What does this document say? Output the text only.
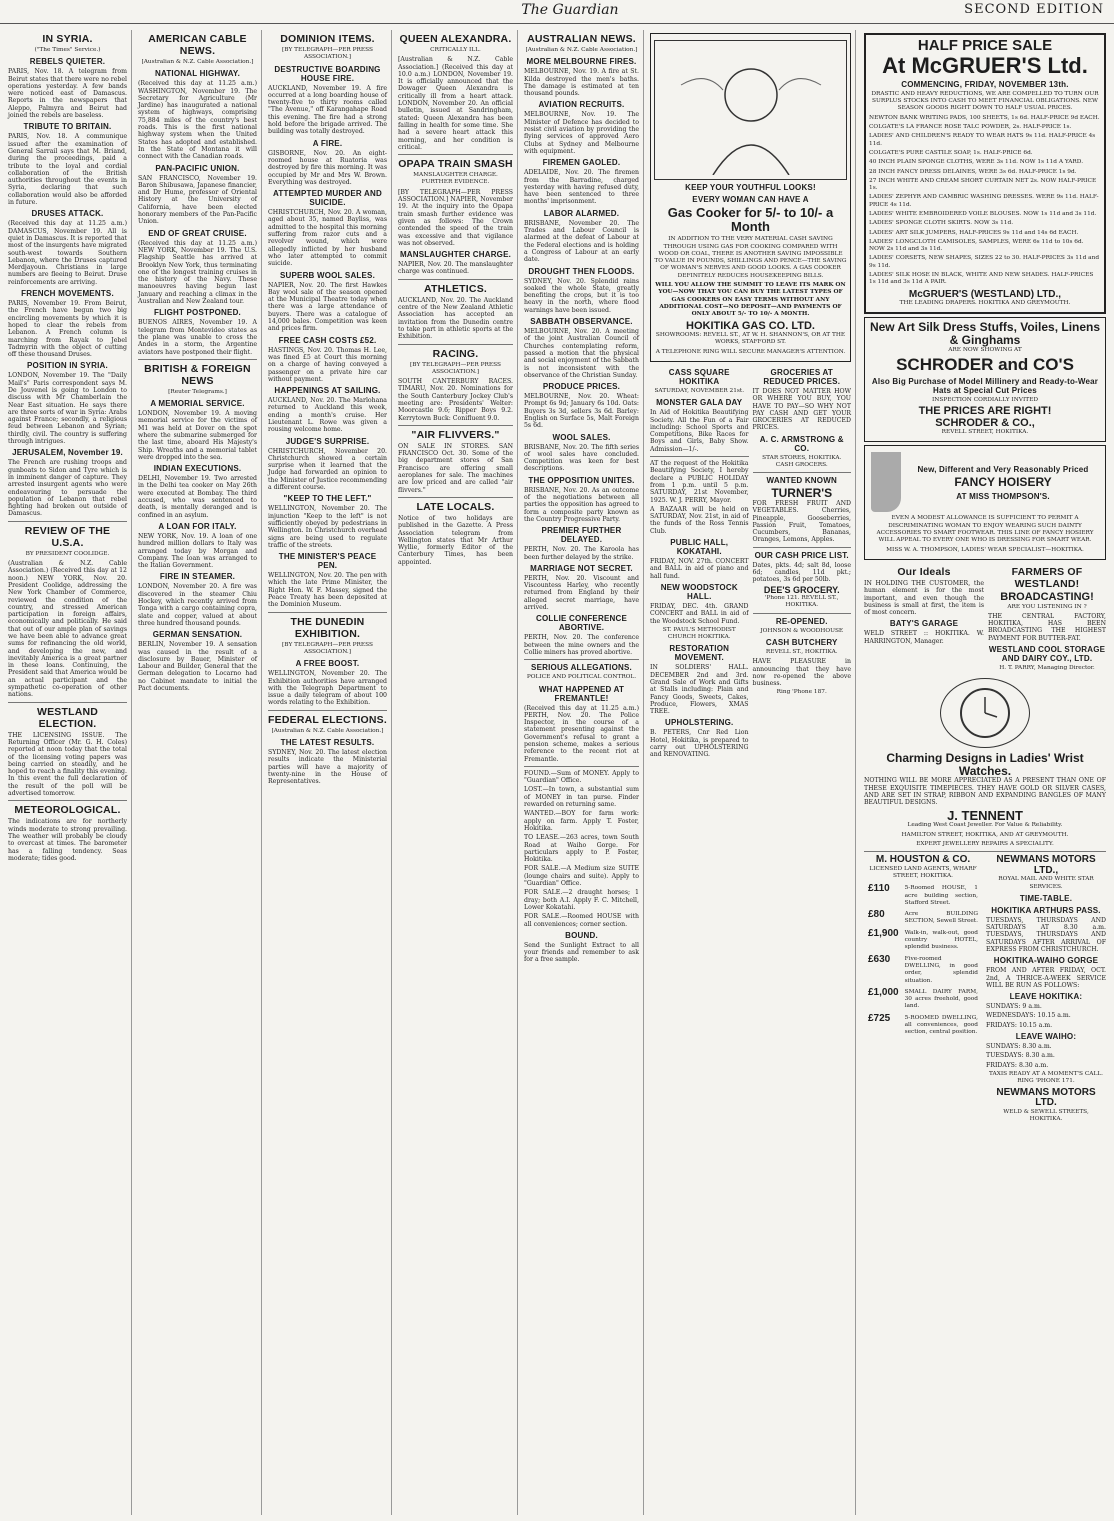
The Guardian	SECOND EDITION
IN SYRIA.
("The Times" Service.)
REBELS QUIETER.

PARIS, Nov. 18. A telegram from Beirut states that there were no rebel operations yesterday. A few bands were noticed east of Damascus. Reports in the newspapers that Aleppo, Palmyra and Beirut had joined the rebels are baseless.

TRIBUTE TO BRITAIN.

PARIS, Nov. 18. A communique issued after the examination of General Sarrail says that M. Briand, during the proceedings, paid a tribute to the loyal and cordial collaboration of the British authorities throughout the events in Syria, declaring that such collaboration would also be afforded in future.

DRUSES ATTACK.

(Received this day at 11.25 a.m.) DAMASCUS, November 19. All is quiet in Damascus. It is reported that most of the insurgents have migrated south-west towards Southern Lebanon, where the Druses captured Merdjayoun. Christians in large numbers are fleeing to Beirut. Druse reinforcements are arriving.

FRENCH MOVEMENTS.

PARIS, November 19. From Beirut, the French have begun two big encircling movements by which it is hoped to clear the rebels from Lebanon. A French column is marching from Rayak to Jebel Tadmyrin with the object of cutting off these thousand Druses.

POSITION IN SYRIA.

LONDON, November 19. The "Daily Mail's" Paris correspondent says M. De Jouvenel is going to London to discuss with Mr Chamberlain the Near East situation. He says there are three sorts of war in Syria: Arabs against France; secondly, a religious feud between Lebanon and Syrian; thirdly, civil. The country is suffering through intrigues.

JERUSALEM, November 19.

The French are rushing troops and gunboats to Sidon and Tyre which is in imminent danger of capture. They arrested insurgent agents who were endeavouring to persuade the population of Lebanon that rebel fighting had broken out outside of Damascus.

REVIEW OF THE U.S.A.
BY PRESIDENT COOLIDGE.

(Australian & N.Z. Cable Association.) (Received this day at 12 noon.) NEW YORK, Nov. 20. President Coolidge, addressing the New York Chamber of Commerce, reviewed the condition of the country, and stressed American participation in foreign affairs, economically and politically. He said that out of our ample plan of savings we have been able to advance great sums for refinancing the old world, and developing the new, and inevitably America is a great partner in these loans. Continuing, the President said that America would be an actual participant and the sympathetic co-operation of other nations.

WESTLAND ELECTION.

THE LICENSING ISSUE. The Returning Officer (Mr. G. H. Coles) reported at noon today that the total of the licensing voting papers was being carried on steadily, and he hoped to reach a finality this evening. In this event the full declaration of the result of the poll will be advertised tomorrow.

METEOROLOGICAL.

The indications are for northerly winds moderate to strong prevailing. The weather will probably be cloudy to overcast at times. The barometer has a falling tendency. Seas moderate; tides good.

AMERICAN CABLE NEWS.
[Australian & N.Z. Cable Association.]
NATIONAL HIGHWAY.

(Received this day at 11.25 a.m.) WASHINGTON, November 19. The Secretary for Agriculture (Mr Jardine) has inaugurated a national system of highways, comprising 75,884 miles of the country's best roads. This is the first national highway system when the United States has adopted and established. In the State of Montana it will connect with the Canadian roads.

PAN-PACIFIC UNION.

SAN FRANCISCO, November 19. Baron Shibusawa, Japanese financier, and Dr Hume, professor of Oriental History at the University of California, have been elected honorary members of the Pan-Pacific Union.

END OF GREAT CRUISE.

(Received this day at 11.25 a.m.) NEW YORK, November 19. The U.S. Flagship Seattle has arrived at Brooklyn New York, thus terminating one of the longest training cruises in the history of the Navy. These manoeuvres having begun last January and reaching a climax in the Australian and New Zealand tour.

FLIGHT POSTPONED.

BUENOS AIRES, November 19. A telegram from Montevideo states as the plane was unable to cross the Andes in a storm, the Argentine aviators have postponed their flight.

BRITISH & FOREIGN NEWS
[Reuter Telegrams.]
A MEMORIAL SERVICE.

LONDON, November 19. A moving memorial service for the victims of M1 was held at Dover on the spot where the submarine submerged for the last time, aboard His Majesty's Ship. Wreaths and a memorial tablet were dropped into the sea.

INDIAN EXECUTIONS.

DELHI, November 19. Two arrested in the Delhi tea cooker on May 26th were executed at Bombay. The third accused, who was sentenced to death, is mentally deranged and is confined in an asylum.

A LOAN FOR ITALY.

NEW YORK, Nov. 19. A loan of one hundred million dollars to Italy was arranged today by Morgan and Company. The loan was arranged to the Italian Government.

FIRE IN STEAMER.

LONDON, November 20. A fire was discovered in the steamer Chiu Hockey, which recently arrived from Tonga with a cargo containing copra, slate and copper, valued at about three hundred thousand pounds.

GERMAN SENSATION.

BERLIN, November 19. A sensation was caused in the result of a disclosure by Bauer, Minister of Labour and Builder, General that the German delegation to Locarno had no Cabinet mandate to initial the Pact documents.

DOMINION ITEMS.
[BY TELEGRAPH—PER PRESS ASSOCIATION.]
DESTRUCTIVE BOARDING HOUSE FIRE.

AUCKLAND, November 19. A fire occurred at a long boarding house of twenty-five to thirty rooms called "The Avenue," off Karangahape Road this evening. The fire had a strong hold before the brigade arrived. The building was totally destroyed.

A FIRE.

GISBORNE, Nov. 20. An eight-roomed house at Ruatoria was destroyed by fire this morning. It was occupied by Mr and Mrs W. Brown. Everything was destroyed.

ATTEMPTED MURDER AND SUICIDE.

CHRISTCHURCH, Nov. 20. A woman, aged about 35, named Bayliss, was admitted to the hospital this morning suffering from razor cuts and a revolver wound, which were allegedly inflicted by her husband who later attempted to commit suicide.

SUPERB WOOL SALES.

NAPIER, Nov. 20. The first Hawkes Bay wool sale of the season opened at the Municipal Theatre today when there was a large attendance of buyers. There was a catalogue of 14,000 bales. Competition was keen and prices firm.

FREE CASH COSTS £52.

HASTINGS, Nov. 20. Thomas H. Lee, was fined £5 at Court this morning on a charge of having conveyed a passenger on a private hire car without payment.

HAPPENINGS AT SAILING.

AUCKLAND, Nov. 20. The Marlohana returned to Auckland this week, ending a month's cruise. Her Lieutenant L. Rowe was given a rousing welcome home.

JUDGE'S SURPRISE.

CHRISTCHURCH, November 20. Christchurch showed a certain surprise when it learned that the Judge had forwarded an opinion to the Minister of Justice recommending a different course.

"KEEP TO THE LEFT."

WELLINGTON, November 20. The injunction "Keep to the left" is not sufficiently obeyed by pedestrians in Wellington. In Christchurch overhead signs are being used to regulate traffic of the streets.

THE MINISTER'S PEACE PEN.

WELLINGTON, Nov. 20. The pen with which the late Prime Minister, the Right Hon. W. F. Massey, signed the Peace Treaty has been deposited at the Dominion Museum.

THE DUNEDIN EXHIBITION.
[BY TELEGRAPH—PER PRESS ASSOCIATION.]
A FREE BOOST.

WELLINGTON, November 20. The Exhibition authorities have arranged with the Telegraph Department to issue a daily telegram of about 100 words relating to the Exhibition.

FEDERAL ELECTIONS.
[Australian & N.Z. Cable Association.]
THE LATEST RESULTS.

SYDNEY, Nov. 20. The latest election results indicate the Ministerial parties will have a majority of twenty-nine in the House of Representatives.

QUEEN ALEXANDRA.
CRITICALLY ILL.

[Australian & N.Z. Cable Association.] (Received this day at 10.0 a.m.) LONDON, November 19. It is officially announced that the Dowager Queen Alexandra is critically ill from a heart attack. LONDON, November 20. An official bulletin, issued at Sandringham, stated: Queen Alexandra has been failing in health for some time. She had a severe heart attack this morning, and her condition is critical.

OPAPA TRAIN SMASH
MANSLAUGHTER CHARGE. FURTHER EVIDENCE.

[BY TELEGRAPH—PER PRESS ASSOCIATION.] NAPIER, November 19. At the inquiry into the Opapa train smash further evidence was given as follows: The Crown contended the speed of the train was excessive and that vigilance was not observed.

MANSLAUGHTER CHARGE.

NAPIER, Nov. 20. The manslaughter charge was continued.

ATHLETICS.

AUCKLAND, Nov. 20. The Auckland centre of the New Zealand Athletic Association has accepted an invitation from the Dunedin centre to take part in athletic sports at the Exhibition.

RACING.
[BY TELEGRAPH—PER PRESS ASSOCIATION.]

SOUTH CANTERBURY RACES. TIMARU, Nov. 20. Nominations for the South Canterbury Jockey Club's meeting are: Presidents' Welter: Moorcastle 9.6; Ripper Boys 9.2. Kerrytown Buck: Conifluent 9.0.

"AIR FLIVVERS."

ON SALE IN STORES. SAN FRANCISCO Oct. 30. Some of the big department stores of San Francisco are offering small aeroplanes for sale. The machines are low priced and are called "air flivvers."

LATE LOCALS.

Notice of two holidays are published in the Gazette. A Press Association telegram from Wellington states that Mr Arthur Wyllie, formerly Editor of the Canterbury Times, has been appointed.

AUSTRALIAN NEWS.
[Australian & N.Z. Cable Association.]
MORE MELBOURNE FIRES.

MELBOURNE, Nov. 19. A fire at St. Kilda destroyed the men's baths. The damage is estimated at ten thousand pounds.

AVIATION RECRUITS.

MELBOURNE, Nov. 19. The Minister of Defence has decided to resist civil aviation by providing the flying services of approved Aero Clubs at Sydney and Melbourne with equipment.

FIREMEN GAOLED.

ADELAIDE, Nov. 20. The firemen from the Barradine, charged yesterday with having refused duty, have been sentenced to three months' imprisonment.

LABOR ALARMED.

BRISBANE, November 20. The Trades and Labour Council is alarmed at the defeat of Labour at the Federal elections and is holding a Congress of Labour at an early date.

DROUGHT THEN FLOODS.

SYDNEY, Nov. 20. Splendid rains soaked the whole State, greatly benefiting the crops, but it is too heavy in the north, where flood warnings have been issued.

SABBATH OBSERVANCE.

MELBOURNE, Nov. 20. A meeting of the joint Australian Council of Churches contemplating reform, passed a motion that the physical and social enjoyment of the Sabbath is not inconsistent with the observance of the Christian Sunday.

PRODUCE PRICES.

MELBOURNE, Nov. 20. Wheat: Prompt 6s 9d; January 6s 10d. Oats: Buyers 3s 3d, sellers 3s 6d. Barley: English on Surface 5s, Malt Foreign 5s 6d.

WOOL SALES.

BRISBANE, Nov. 20. The fifth series of wool sales have concluded. Competition was keen for best descriptions.

THE OPPOSITION UNITES.

BRISBANE, Nov. 20. As an outcome of the negotiations between all parties the opposition has agreed to form a composite party known as the Country Progressive Party.

PREMIER FURTHER DELAYED.

PERTH, Nov. 20. The Karoola has been further delayed by the strike.

MARRIAGE NOT SECRET.

PERTH, Nov. 20. Viscount and Viscountess Harley, who recently returned from England by their alleged secret marriage, have arrived.

COLLIE CONFERENCE ABORTIVE.

PERTH, Nov. 20. The conference between the mine owners and the Collie miners has proved abortive.

SERIOUS ALLEGATIONS.
POLICE AND POLITICAL CONTROL.
WHAT HAPPENED AT FREMANTLE!

(Received this day at 11.25 a.m.) PERTH, Nov. 20. The Police Inspector, in the course of a statement presenting against the Government's refusal to grant a pension scheme, makes a serious reference to the recent riot at Fremantle.

FOUND.—Sum of MONEY. Apply to "Guardian" Office.

LOST.—In town, a substantial sum of MONEY in tan purse. Finder rewarded on returning same.

WANTED.—BOY for farm work: apply on farm. Apply T. Foster, Hokitika.

TO LEASE.—263 acres, town South Road at Waiho Gorge. For particulars apply to P. Foster, Hokitika.

FOR SALE.—A Medium size SUITE (lounge chairs and suite). Apply to "Guardian" Office.

FOR SALE.—2 draught horses; 1 dray; both A.I. Apply F. C. Mitchell, Lower Kokatahi.

FOR SALE.—Roomed HOUSE with all conveniences; corner section.

BOUND.

Send the Sunlight Extract to all your friends and remember to ask for a free sample.

KEEP YOUR YOUTHFUL LOOKS!
EVERY WOMAN CAN HAVE A
Gas Cooker for 5/- to 10/- a Month

IN ADDITION TO THE VERY MATERIAL CASH SAVING THROUGH USING GAS FOR COOKING COMPARED WITH WOOD OR COAL, THERE IS ANOTHER SAVING IMPOSSIBLE TO VALUE IN POUNDS, SHILLINGS AND PENCE—THE SAVING OF WOMAN'S NERVES AND GOOD LOOKS. A GAS COOKER DEFINITELY REDUCES HOUSEKEEPING BILLS.

WILL YOU ALLOW THE SUMMIT TO LEAVE ITS MARK ON YOU—NOW THAT YOU CAN BUY THE LATEST TYPES OF GAS COOKERS ON EASY TERMS WITHOUT ANY ADDITIONAL COST—NO DEPOSIT—AND PAYMENTS OF ONLY ABOUT 5/- TO 10/- A MONTH.

HOKITIKA GAS CO. LTD.

SHOWROOMS: REVELL ST., AT W. H. SHANNON'S, OR AT THE WORKS, STAFFORD ST.

A TELEPHONE RING WILL SECURE MANAGER'S ATTENTION.

CASS SQUARE HOKITIKA
SATURDAY, NOVEMBER 21st.
MONSTER GALA DAY

In Aid of Hokitika Beautifying Society. All the Fun of a Fair including: School Sports and Competitions, Bike Races for Boys and Girls, Baby Show. Admission—1/-.

AT the request of the Hokitika Beautifying Society, I hereby declare a PUBLIC HOLIDAY from 1 p.m. until 5 p.m. SATURDAY, 21st November, 1925. W. J. PERRY, Mayor.

A BAZAAR will be held on SATURDAY, Nov. 21st, in aid of the funds of the Ross Tennis Club.

PUBLIC HALL, KOKATAHI.

FRIDAY, NOV. 27th. CONCERT and BALL in aid of piano and hall fund.

NEW WOODSTOCK HALL.

FRIDAY, DEC. 4th. GRAND CONCERT and BALL in aid of the Woodstock School Fund.

ST. PAUL'S METHODIST CHURCH HOKITIKA.
RESTORATION MOVEMENT.

IN SOLDIERS' HALL. DECEMBER 2nd and 3rd. Grand Sale of Work and Gifts at Stalls including: Plain and Fancy Goods, Sweets, Cakes, Produce, Flowers, XMAS TREE.

UPHOLSTERING.

B. PETERS, Cnr Red Lion Hotel, Hokitika, is prepared to carry out UPHOLSTERING and RENOVATING.

GROCERIES AT REDUCED PRICES.

IT DOES NOT MATTER HOW OR WHERE YOU BUY, YOU HAVE TO PAY—SO WHY NOT PAY CASH AND GET YOUR GROCERIES AT REDUCED PRICES.

A. C. ARMSTRONG & CO.
STAR STORES, HOKITIKA. CASH GROCERS.
WANTED KNOWN
TURNER'S

FOR FRESH FRUIT AND VEGETABLES. Cherries, Pineapple, Gooseberries, Passion Fruit, Tomatoes, Cucumbers, Bananas, Oranges, Lemons, Apples.

OUR CASH PRICE LIST.

Dates, pkts. 4d; salt 8d, loose 6d; candles, 11d pkt.; potatoes, 3s 6d per 50lb.

DEE'S GROCERY.
'Phone 121. REVELL ST., HOKITIKA.
RE-OPENED.
JOHNSON & WOODHOUSE
CASH BUTCHERY
REVELL ST., HOKITIKA.

HAVE PLEASURE in announcing that they have now re-opened the above business.

Ring 'Phone 187.
HALF PRICE SALE
At McGRUER'S Ltd.
COMMENCING, FRIDAY, NOVEMBER 13th.

DRASTIC AND HEAVY REDUCTIONS, WE ARE COMPELLED TO TURN OUR SURPLUS STOCKS INTO CASH TO MEET FINANCIAL OBLIGATIONS. NEW SEASON GOODS RIGHT DOWN TO HALF USUAL PRICES.

NEWTON BANK WRITING PADS, 100 SHEETS, 1s 6d. HALF-PRICE 9d EACH.

COLGATE'S LA FRANCE ROSE TALC POWDER, 2s. HALF-PRICE 1s.

LADIES' AND CHILDREN'S READY TO WEAR HATS 9s 11d. HALF-PRICE 4s 11d.

COLGATE'S PURE CASTILE SOAP, 1s. HALF-PRICE 6d.

40 INCH PLAIN SPONGE CLOTHS, WERE 3s 11d. NOW 1s 11d A YARD.

28 INCH FANCY DRESS DELAINES, WERE 3s 6d. HALF-PRICE 1s 9d.

27 INCH WHITE AND CREAM SHORT CURTAIN NET 2s. NOW HALF-PRICE 1s.

LADIES' ZEPHYR AND CAMBRIC WASHING DRESSES. WERE 9s 11d. HALF-PRICE 4s 11d.

LADIES' WHITE EMBROIDERED VOILE BLOUSES. NOW 1s 11d and 3s 11d.

LADIES' SPONGE CLOTH SKIRTS. NOW 3s 11d.

LADIES' ART SILK JUMPERS, HALF-PRICES 9s 11d and 14s 6d EACH.

LADIES' LONGCLOTH CAMISOLES, SAMPLES, WERE 6s 11d to 10s 6d. NOW 2s 11d and 3s 11d.

LADIES' CORSETS, NEW SHAPES, SIZES 22 to 30. HALF-PRICES 3s 11d and 9s 11d.

LADIES' SILK HOSE IN BLACK, WHITE AND NEW SHADES. HALF-PRICES 1s 11d and 3s 11d A PAIR.

McGRUER'S (WESTLAND) LTD.,
THE LEADING DRAPERS. HOKITIKA AND GREYMOUTH.
New Art Silk Dress Stuffs, Voiles, Linens & Ginghams
ARE NOW SHOWING AT
SCHRODER and CO'S
Also Big Purchase of Model Millinery and Ready-to-Wear Hats at Special Cut Prices
INSPECTION CORDIALLY INVITED
THE PRICES ARE RIGHT!
SCHRODER & CO.,
REVELL STREET, HOKITIKA.
New, Different and Very Reasonably Priced
FANCY HOISERY
AT MISS THOMPSON'S.

EVEN A MODEST ALLOWANCE IS SUFFICIENT TO PERMIT A DISCRIMINATING WOMAN TO ENJOY WEARING SUCH DAINTY ACCESSORIES TO SMART FOOTWEAR. THIS LINE OF FANCY HOSIERY WILL APPEAL TO EVERY ONE WHO IS DRESSING FOR SMART WEAR.

MISS W. A. THOMPSON, LADIES' WEAR SPECIALIST—HOKITIKA.
Our Ideals

IN HOLDING THE CUSTOMER, the human element is for the most important, and even though the business is small at first, the item is of most concern.

BATY'S GARAGE

WELD STREET :: HOKITIKA. W. HARRINGTON, Manager.

FARMERS OF WESTLAND!
BROADCASTING!
ARE YOU LISTENING IN ?

THE CENTRAL FACTORY, HOKITIKA, HAS BEEN BROADCASTING THE HIGHEST PAYMENT FOR BUTTER-FAT.

WESTLAND COOL STORAGE AND DAIRY COY., LTD.
H. T. PARRY, Managing Director.
Charming Designs in Ladies' Wrist Watches.

NOTHING WILL BE MORE APPRECIATED AS A PRESENT THAN ONE OF THESE EXQUISITE TIMEPIECES. THEY HAVE GOLD OR SILVER CASES, AND ARE SET IN STRAP, RIBBON AND EXPANDING BANGLES OF MANY BEAUTIFUL DESIGNS.

J. TENNENT
Leading West Coast Jeweller. For Value & Reliability.
HAMILTON STREET, HOKITIKA, AND AT GREYMOUTH.
EXPERT JEWELLERY REPAIRS A SPECIALITY.
M. HOUSTON & CO.
LICENSED LAND AGENTS, WHARF STREET, HOKITIKA.
£110	5-Roomed HOUSE, 1 acre building section, Stafford Street.
£80	Acre BUILDING SECTION, Sewell Street.
£1,900	Walk-in, walk-out, good country HOTEL, splendid business.
£630	Five-roomed DWELLING, in good order, splendid situation.
£1,000	SMALL DAIRY FARM, 30 acres freehold, good land.
£725	5-ROOMED DWELLING, all conveniences, good section, central position.
NEWMANS MOTORS LTD.,
ROYAL MAIL AND WHITE STAR SERVICES.
TIME-TABLE.
HOKITIKA ARTHURS PASS.

TUESDAYS, THURSDAYS AND SATURDAYS AT 8.30 a.m. TUESDAYS, THURSDAYS AND SATURDAYS AFTER ARRIVAL OF EXPRESS FROM CHRISTCHURCH.

HOKITIKA-WAIHO GORGE

FROM AND AFTER FRIDAY, OCT. 2nd, A THRICE-A-WEEK SERVICE WILL BE RUN AS FOLLOWS:

LEAVE HOKITIKA:

SUNDAYS: 9 a.m.

WEDNESDAYS: 10.15 a.m.

FRIDAYS: 10.15 a.m.

LEAVE WAIHO:

SUNDAYS: 8.30 a.m.

TUESDAYS: 8.30 a.m.

FRIDAYS: 8.30 a.m.

TAXIS READY AT A MOMENT'S CALL. RING 'PHONE 171.
NEWMANS MOTORS LTD.
WELD & SEWELL STREETS, HOKITIKA.
